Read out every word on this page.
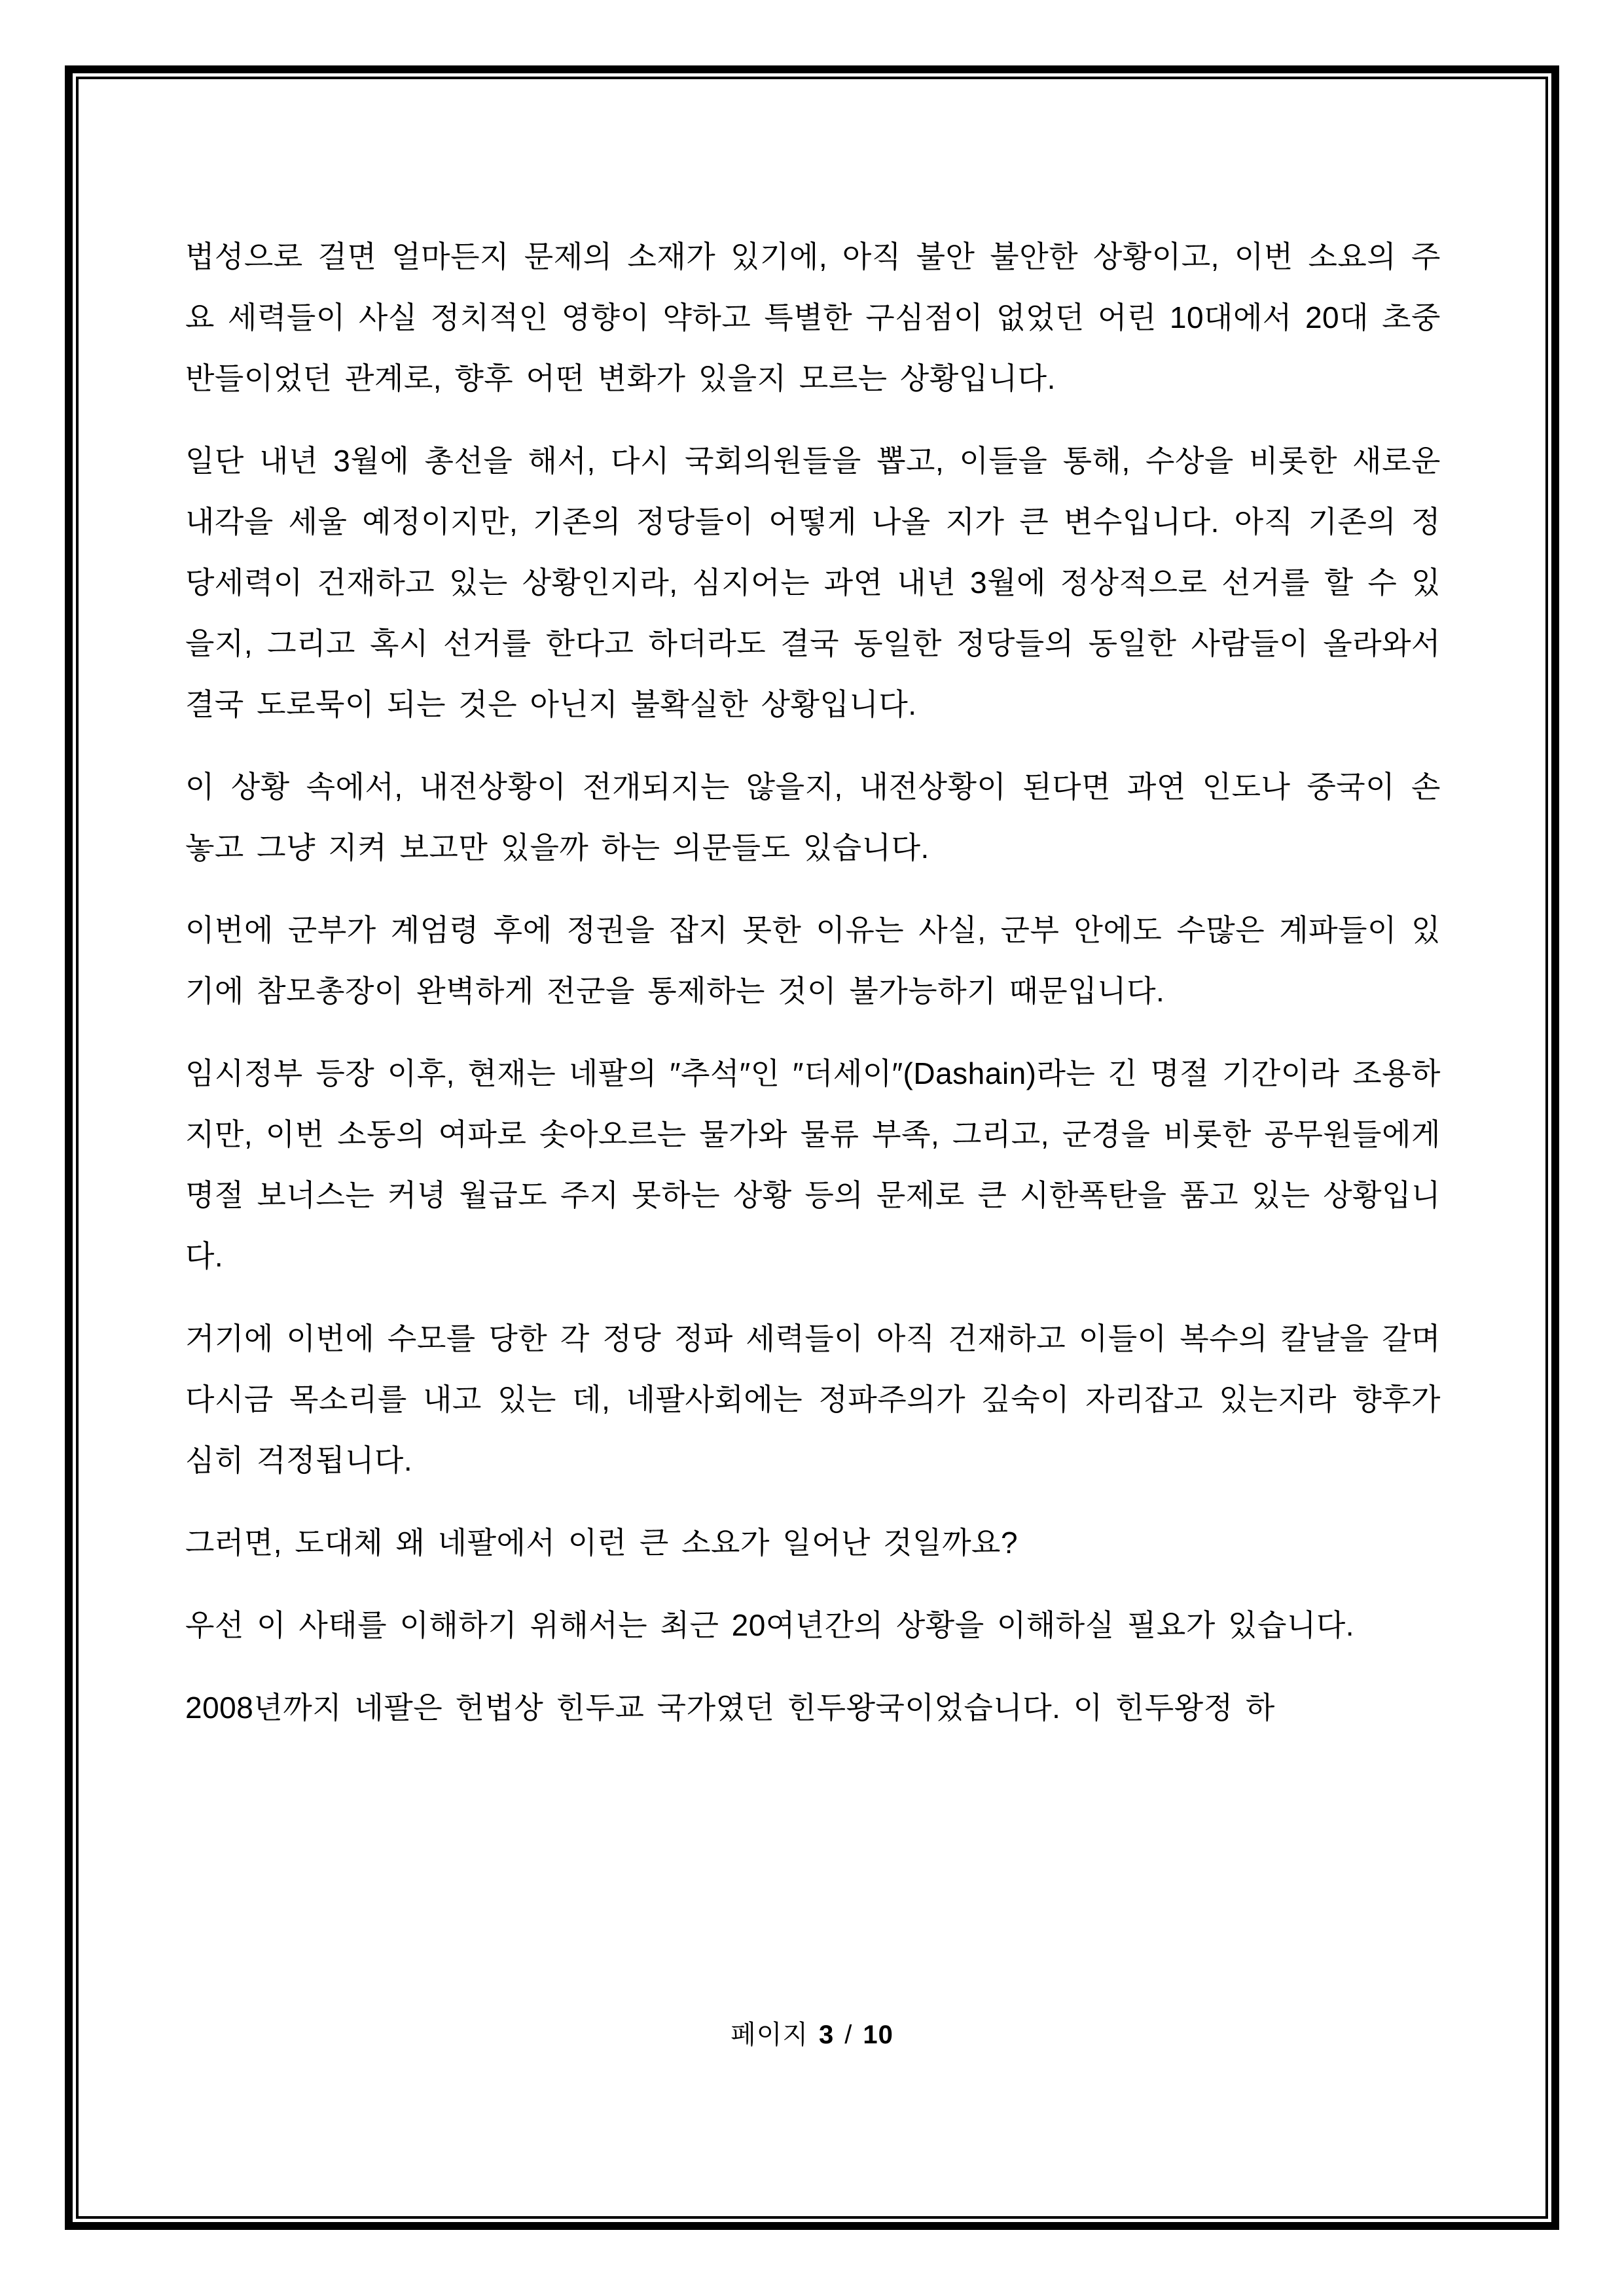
법성으로 걸면 얼마든지 문제의 소재가 있기에, 아직 불안 불안한 상황이고, 이번 소요의 주요 세력들이 사실 정치적인 영향이 약하고 특별한 구심점이 없었던 어린 10대에서 20대 초중반들이었던 관계로, 향후 어떤 변화가 있을지 모르는 상황입니다.

일단 내년 3월에 총선을 해서, 다시 국회의원들을 뽑고, 이들을 통해, 수상을 비롯한 새로운 내각을 세울 예정이지만, 기존의 정당들이 어떻게 나올 지가 큰 변수입니다. 아직 기존의 정당세력이 건재하고 있는 상황인지라, 심지어는 과연 내년 3월에 정상적으로 선거를 할 수 있을지, 그리고 혹시 선거를 한다고 하더라도 결국 동일한 정당들의 동일한 사람들이 올라와서 결국 도로묵이 되는 것은 아닌지 불확실한 상황입니다.

이 상황 속에서, 내전상황이 전개되지는 않을지, 내전상황이 된다면 과연 인도나 중국이 손 놓고 그냥 지켜 보고만 있을까 하는 의문들도 있습니다.

이번에 군부가 계엄령 후에 정권을 잡지 못한 이유는 사실, 군부 안에도 수많은 계파들이 있기에 참모총장이 완벽하게 전군을 통제하는 것이 불가능하기 때문입니다.

임시정부 등장 이후, 현재는 네팔의 ″추석″인 ″더세이″(Dashain)라는 긴 명절 기간이라 조용하지만, 이번 소동의 여파로 솟아오르는 물가와 물류 부족, 그리고, 군경을 비롯한 공무원들에게 명절 보너스는 커녕 월급도 주지 못하는 상황 등의 문제로 큰 시한폭탄을 품고 있는 상황입니다.

거기에 이번에 수모를 당한 각 정당 정파 세력들이 아직 건재하고 이들이 복수의 칼날을 갈며 다시금 목소리를 내고 있는 데, 네팔사회에는 정파주의가 깊숙이 자리잡고 있는지라 향후가 심히 걱정됩니다.

그러면, 도대체 왜 네팔에서 이런 큰 소요가 일어난 것일까요?

우선 이 사태를 이해하기 위해서는 최근 20여년간의 상황을 이해하실 필요가 있습니다.

2008년까지 네팔은 헌법상 힌두교 국가였던 힌두왕국이었습니다. 이 힌두왕정 하

페이지 3 / 10
